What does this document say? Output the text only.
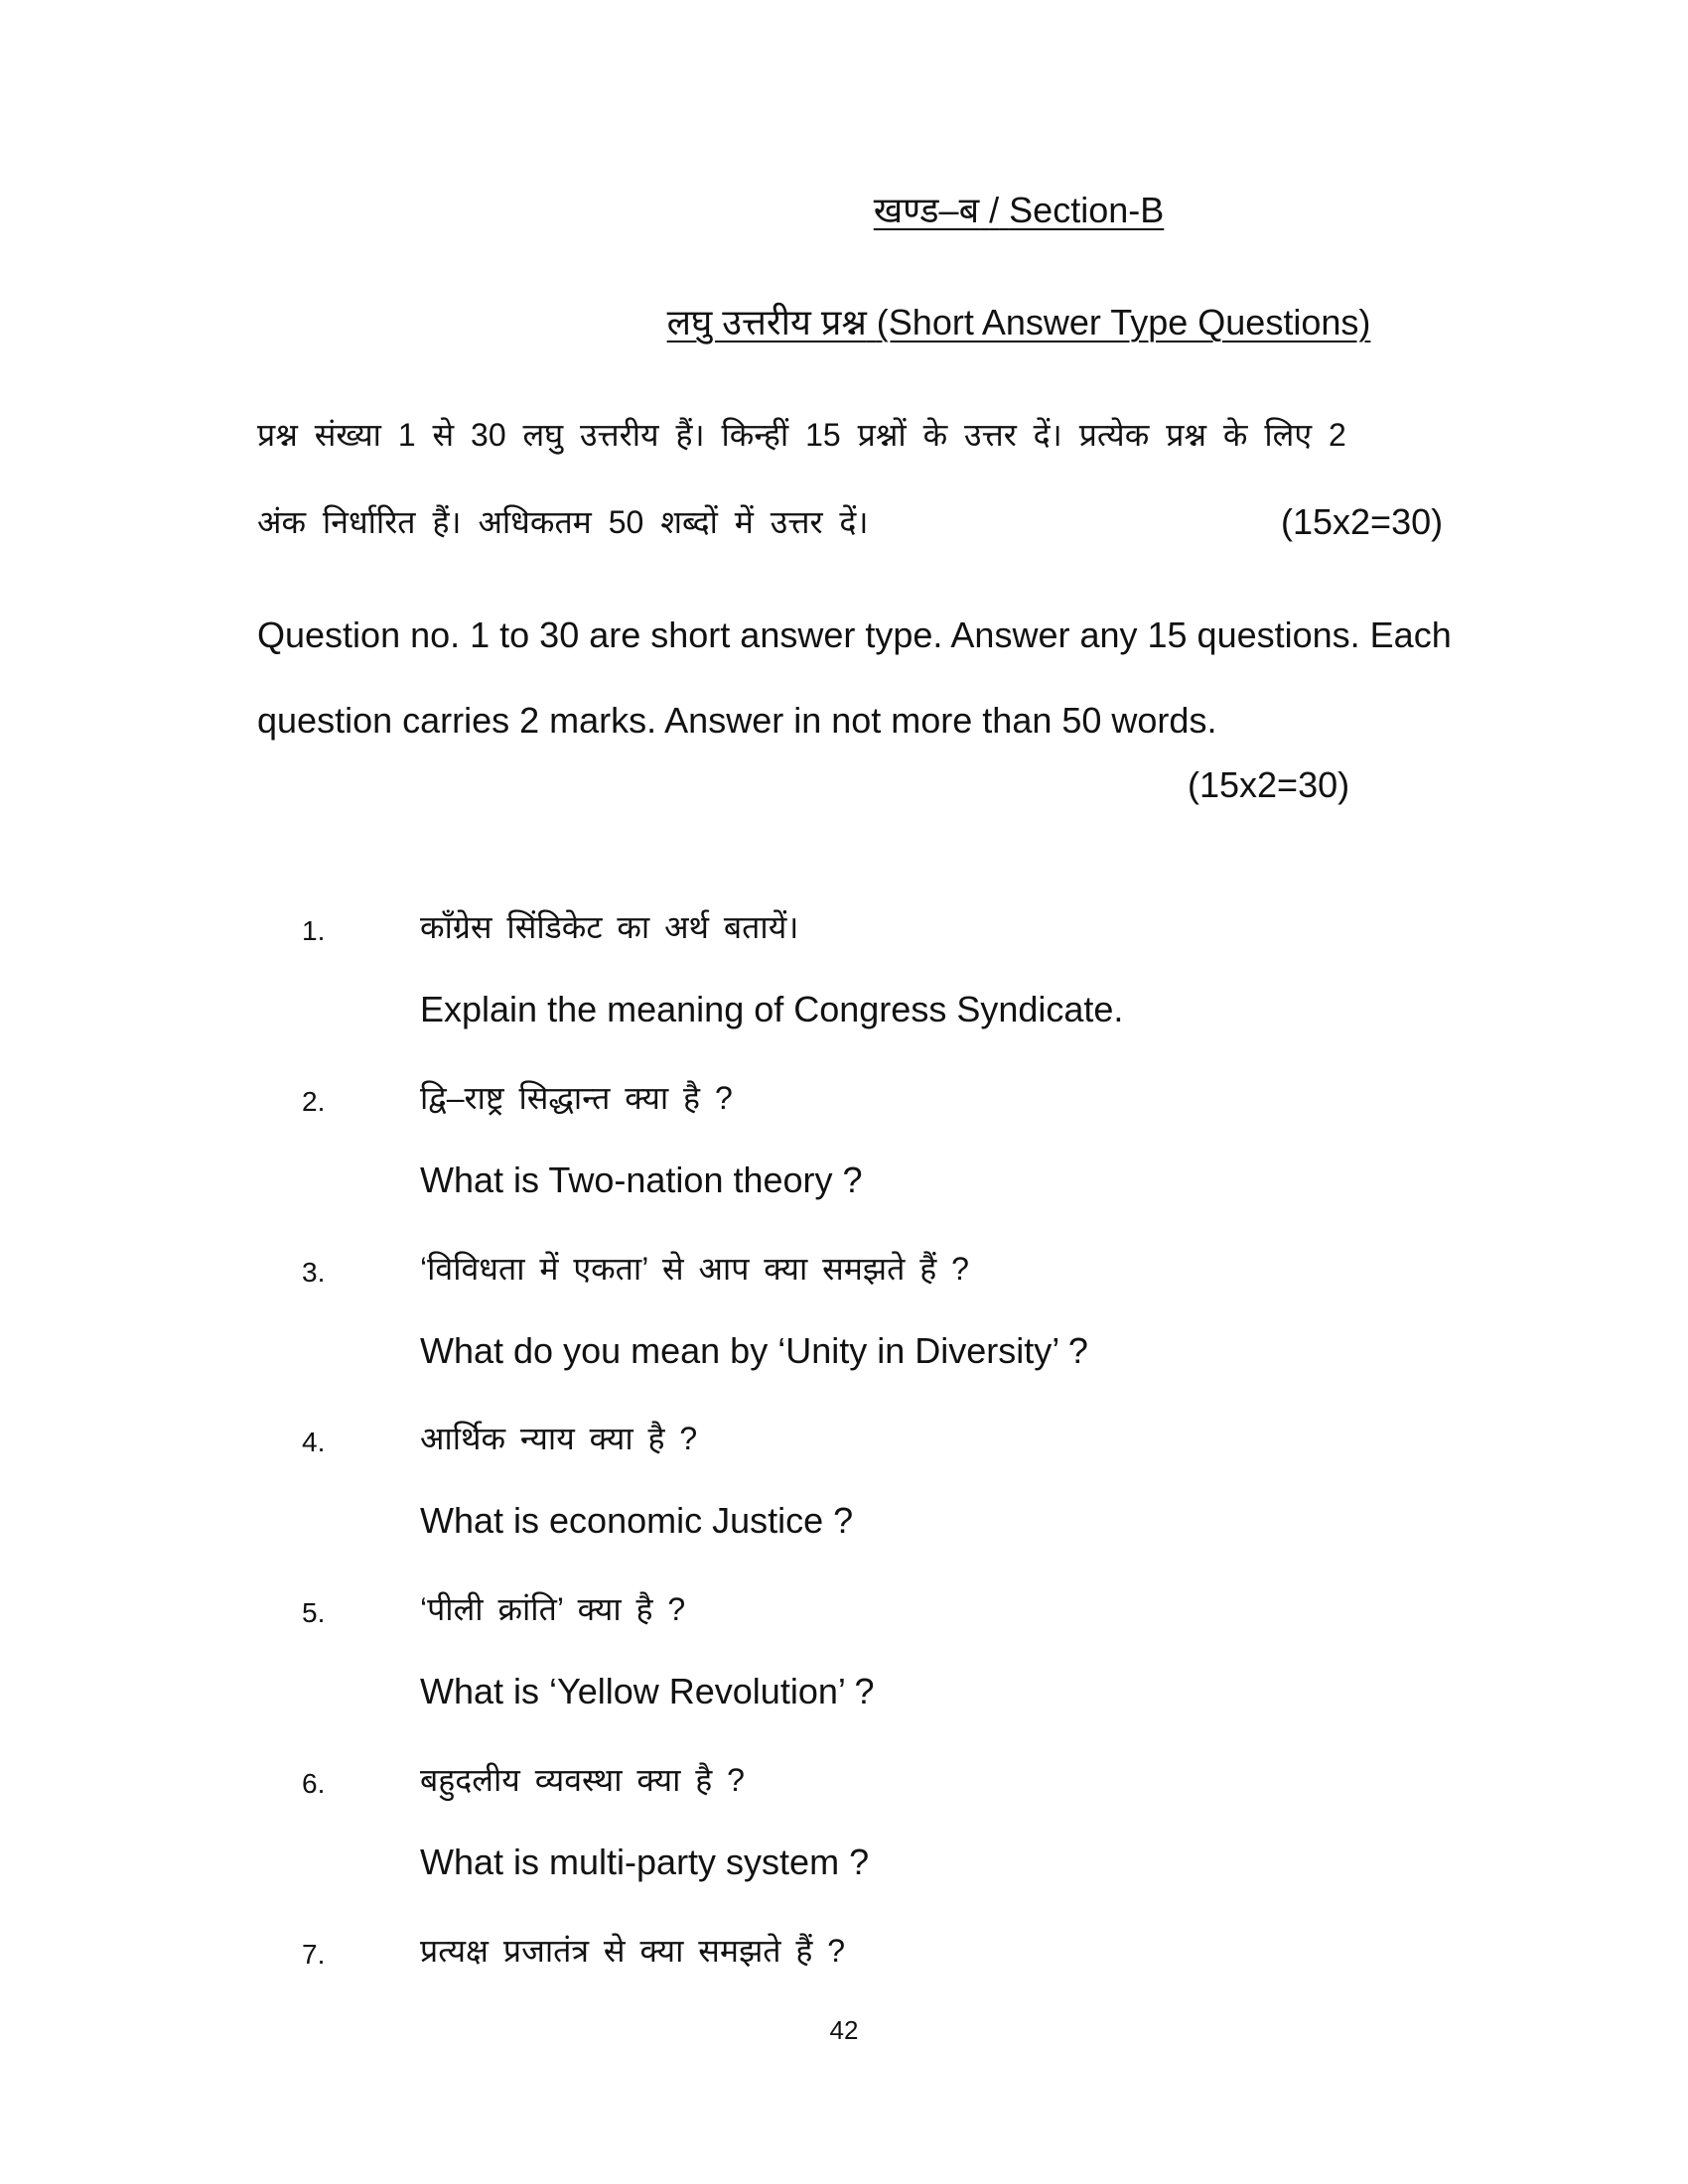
खण्ड–ब / Section-B
लघु उत्तरीय प्रश्न (Short Answer Type Questions)
प्रश्न संख्या 1 से 30 लघु उत्तरीय हैं। किन्हीं 15 प्रश्नों के उत्तर दें। प्रत्येक प्रश्न के लिए 2
अंक निर्धारित हैं। अधिकतम 50 शब्दों में उत्तर दें।	(15x2=30)
Question no. 1 to 30 are short answer type. Answer any 15 questions. Each question carries 2 marks. Answer in not more than 50 words.
(15x2=30)
1.	कॉंग्रेस सिंडिकेट का अर्थ बतायें।
Explain the meaning of Congress Syndicate.
2.	द्वि–राष्ट्र सिद्धान्त क्या है ?
What is Two-nation theory ?
3.	‘विविधता में एकता’ से आप क्या समझते हैं ?
What do you mean by ‘Unity in Diversity’ ?
4.	आर्थिक न्याय क्या है ?
What is economic Justice ?
5.	‘पीली क्रांति’ क्या है ?
What is ‘Yellow Revolution’ ?
6.	बहुदलीय व्यवस्था क्या है ?
What is multi-party system ?
7.	प्रत्यक्ष प्रजातंत्र से क्या समझते हैं ?
42
